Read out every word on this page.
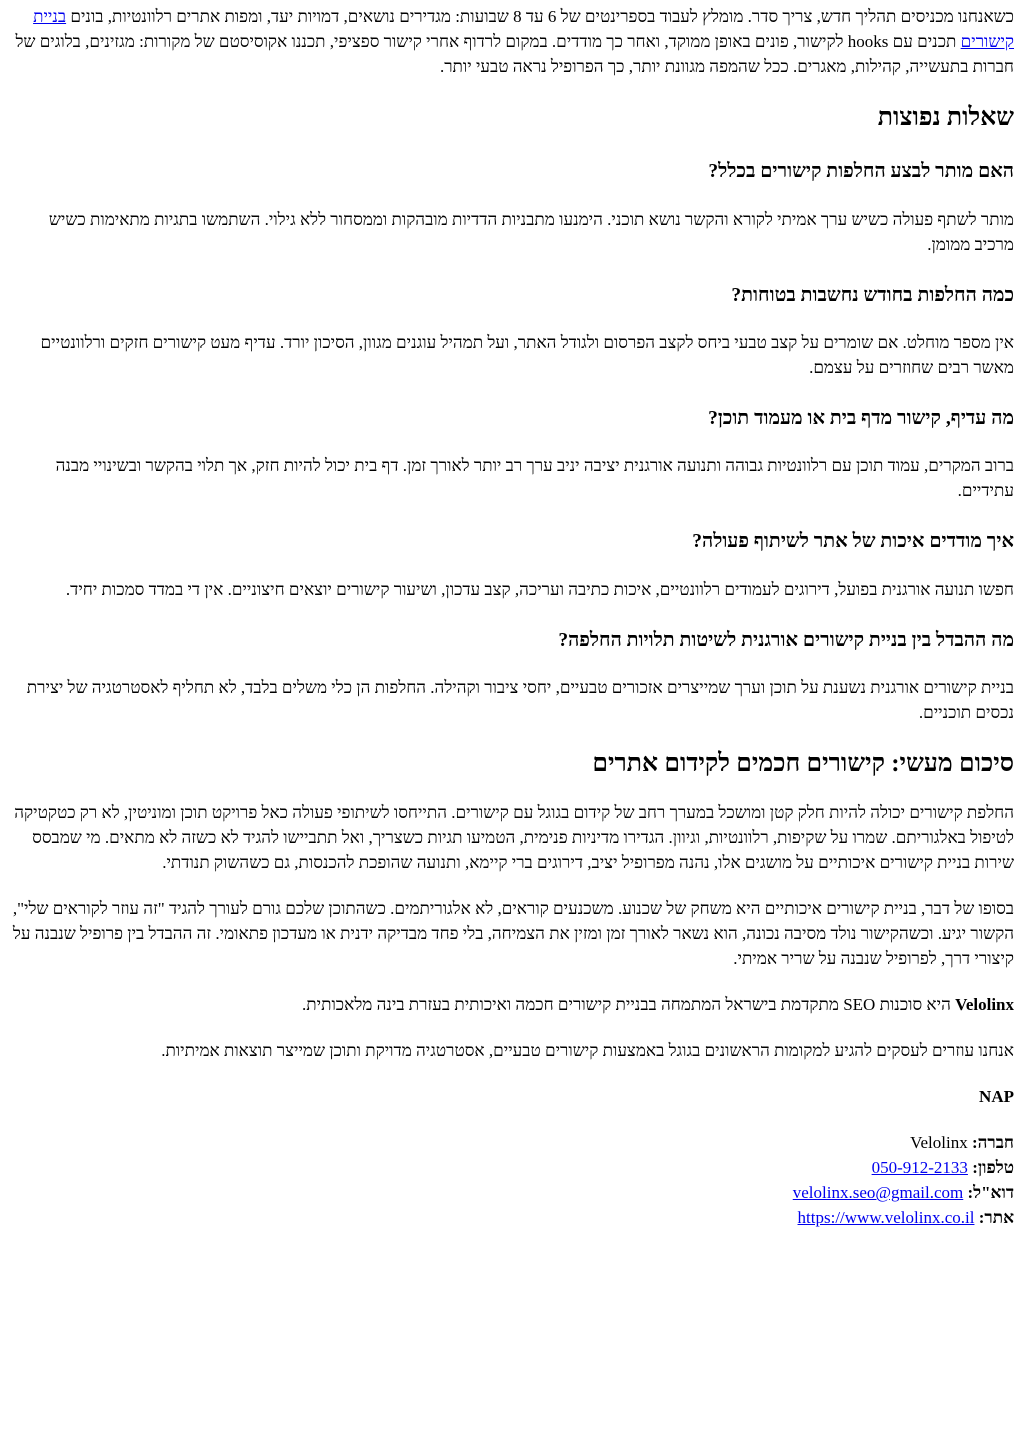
כשאנחנו מכניסים תהליך חדש, צריך סדר. מומלץ לעבוד בספרינטים של 6 עד 8 שבועות: מגדירים נושאים, דמויות יעד, ומפות אתרים רלוונטיות, בונים בניית קישורים תכנים עם hooks לקישור, פונים באופן ממוקד, ואחר כך מודדים. במקום לרדוף אחרי קישור ספציפי, תכננו אקוסיסטם של מקורות: מגזינים, בלוגים של חברות בתעשייה, קהילות, מאגרים. ככל שהמפה מגוונת יותר, כך הפרופיל נראה טבעי יותר.

שאלות נפוצות
האם מותר לבצע החלפות קישורים בכלל?

מותר לשתף פעולה כשיש ערך אמיתי לקורא והקשר נושא תוכני. הימנעו מתבניות הדדיות מובהקות וממסחור ללא גילוי. השתמשו בתגיות מתאימות כשיש מרכיב ממומן.

כמה החלפות בחודש נחשבות בטוחות?

אין מספר מוחלט. אם שומרים על קצב טבעי ביחס לקצב הפרסום ולגודל האתר, ועל תמהיל עוגנים מגוון, הסיכון יורד. עדיף מעט קישורים חזקים ורלוונטיים מאשר רבים שחוזרים על עצמם.

מה עדיף, קישור מדף בית או מעמוד תוכן?

ברוב המקרים, עמוד תוכן עם רלוונטיות גבוהה ותנועה אורגנית יציבה יניב ערך רב יותר לאורך זמן. דף בית יכול להיות חזק, אך תלוי בהקשר ובשינויי מבנה עתידיים.

איך מודדים איכות של אתר לשיתוף פעולה?

חפשו תנועה אורגנית בפועל, דירוגים לעמודים רלוונטיים, איכות כתיבה ועריכה, קצב עדכון, ושיעור קישורים יוצאים חיצוניים. אין די במדד סמכות יחיד.

מה ההבדל בין בניית קישורים אורגנית לשיטות תלויות החלפה?

בניית קישורים אורגנית נשענת על תוכן וערך שמייצרים אזכורים טבעיים, יחסי ציבור וקהילה. החלפות הן כלי משלים בלבד, לא תחליף לאסטרטגיה של יצירת נכסים תוכניים.

סיכום מעשי: קישורים חכמים לקידום אתרים

החלפת קישורים יכולה להיות חלק קטן ומושכל במערך רחב של קידום בגוגל עם קישורים. התייחסו לשיתופי פעולה כאל פרויקט תוכן ומוניטין, לא רק כטקטיקה לטיפול באלגוריתם. שמרו על שקיפות, רלוונטיות, וגיוון. הגדירו מדיניות פנימית, הטמיעו תגיות כשצריך, ואל תתביישו להגיד לא כשזה לא מתאים. מי שמבסס שירות בניית קישורים איכותיים על מושגים אלו, נהנה מפרופיל יציב, דירוגים ברי קיימא, ותנועה שהופכת להכנסות, גם כשהשוק תנודתי.

בסופו של דבר, בניית קישורים איכותיים היא משחק של שכנוע. משכנעים קוראים, לא אלגוריתמים. כשהתוכן שלכם גורם לעורך להגיד "זה עוזר לקוראים שלי", הקשור יגיע. וכשהקישור נולד מסיבה נכונה, הוא נשאר לאורך זמן ומזין את הצמיחה, בלי פחד מבדיקה ידנית או מעדכון פתאומי. זה ההבדל בין פרופיל שנבנה על קיצורי דרך, לפרופיל שנבנה על שריר אמיתי.

Velolinx היא סוכנות SEO מתקדמת בישראל המתמחה בבניית קישורים חכמה ואיכותית בעזרת בינה מלאכותית.

אנחנו עוזרים לעסקים להגיע למקומות הראשונים בגוגל באמצעות קישורים טבעיים, אסטרטגיה מדויקת ותוכן שמייצר תוצאות אמיתיות.

NAP

חברה: Velolinx
טלפון: 050-912-2133
דוא"ל: velolinx.seo@gmail.com
אתר: https://www.velolinx.co.il
